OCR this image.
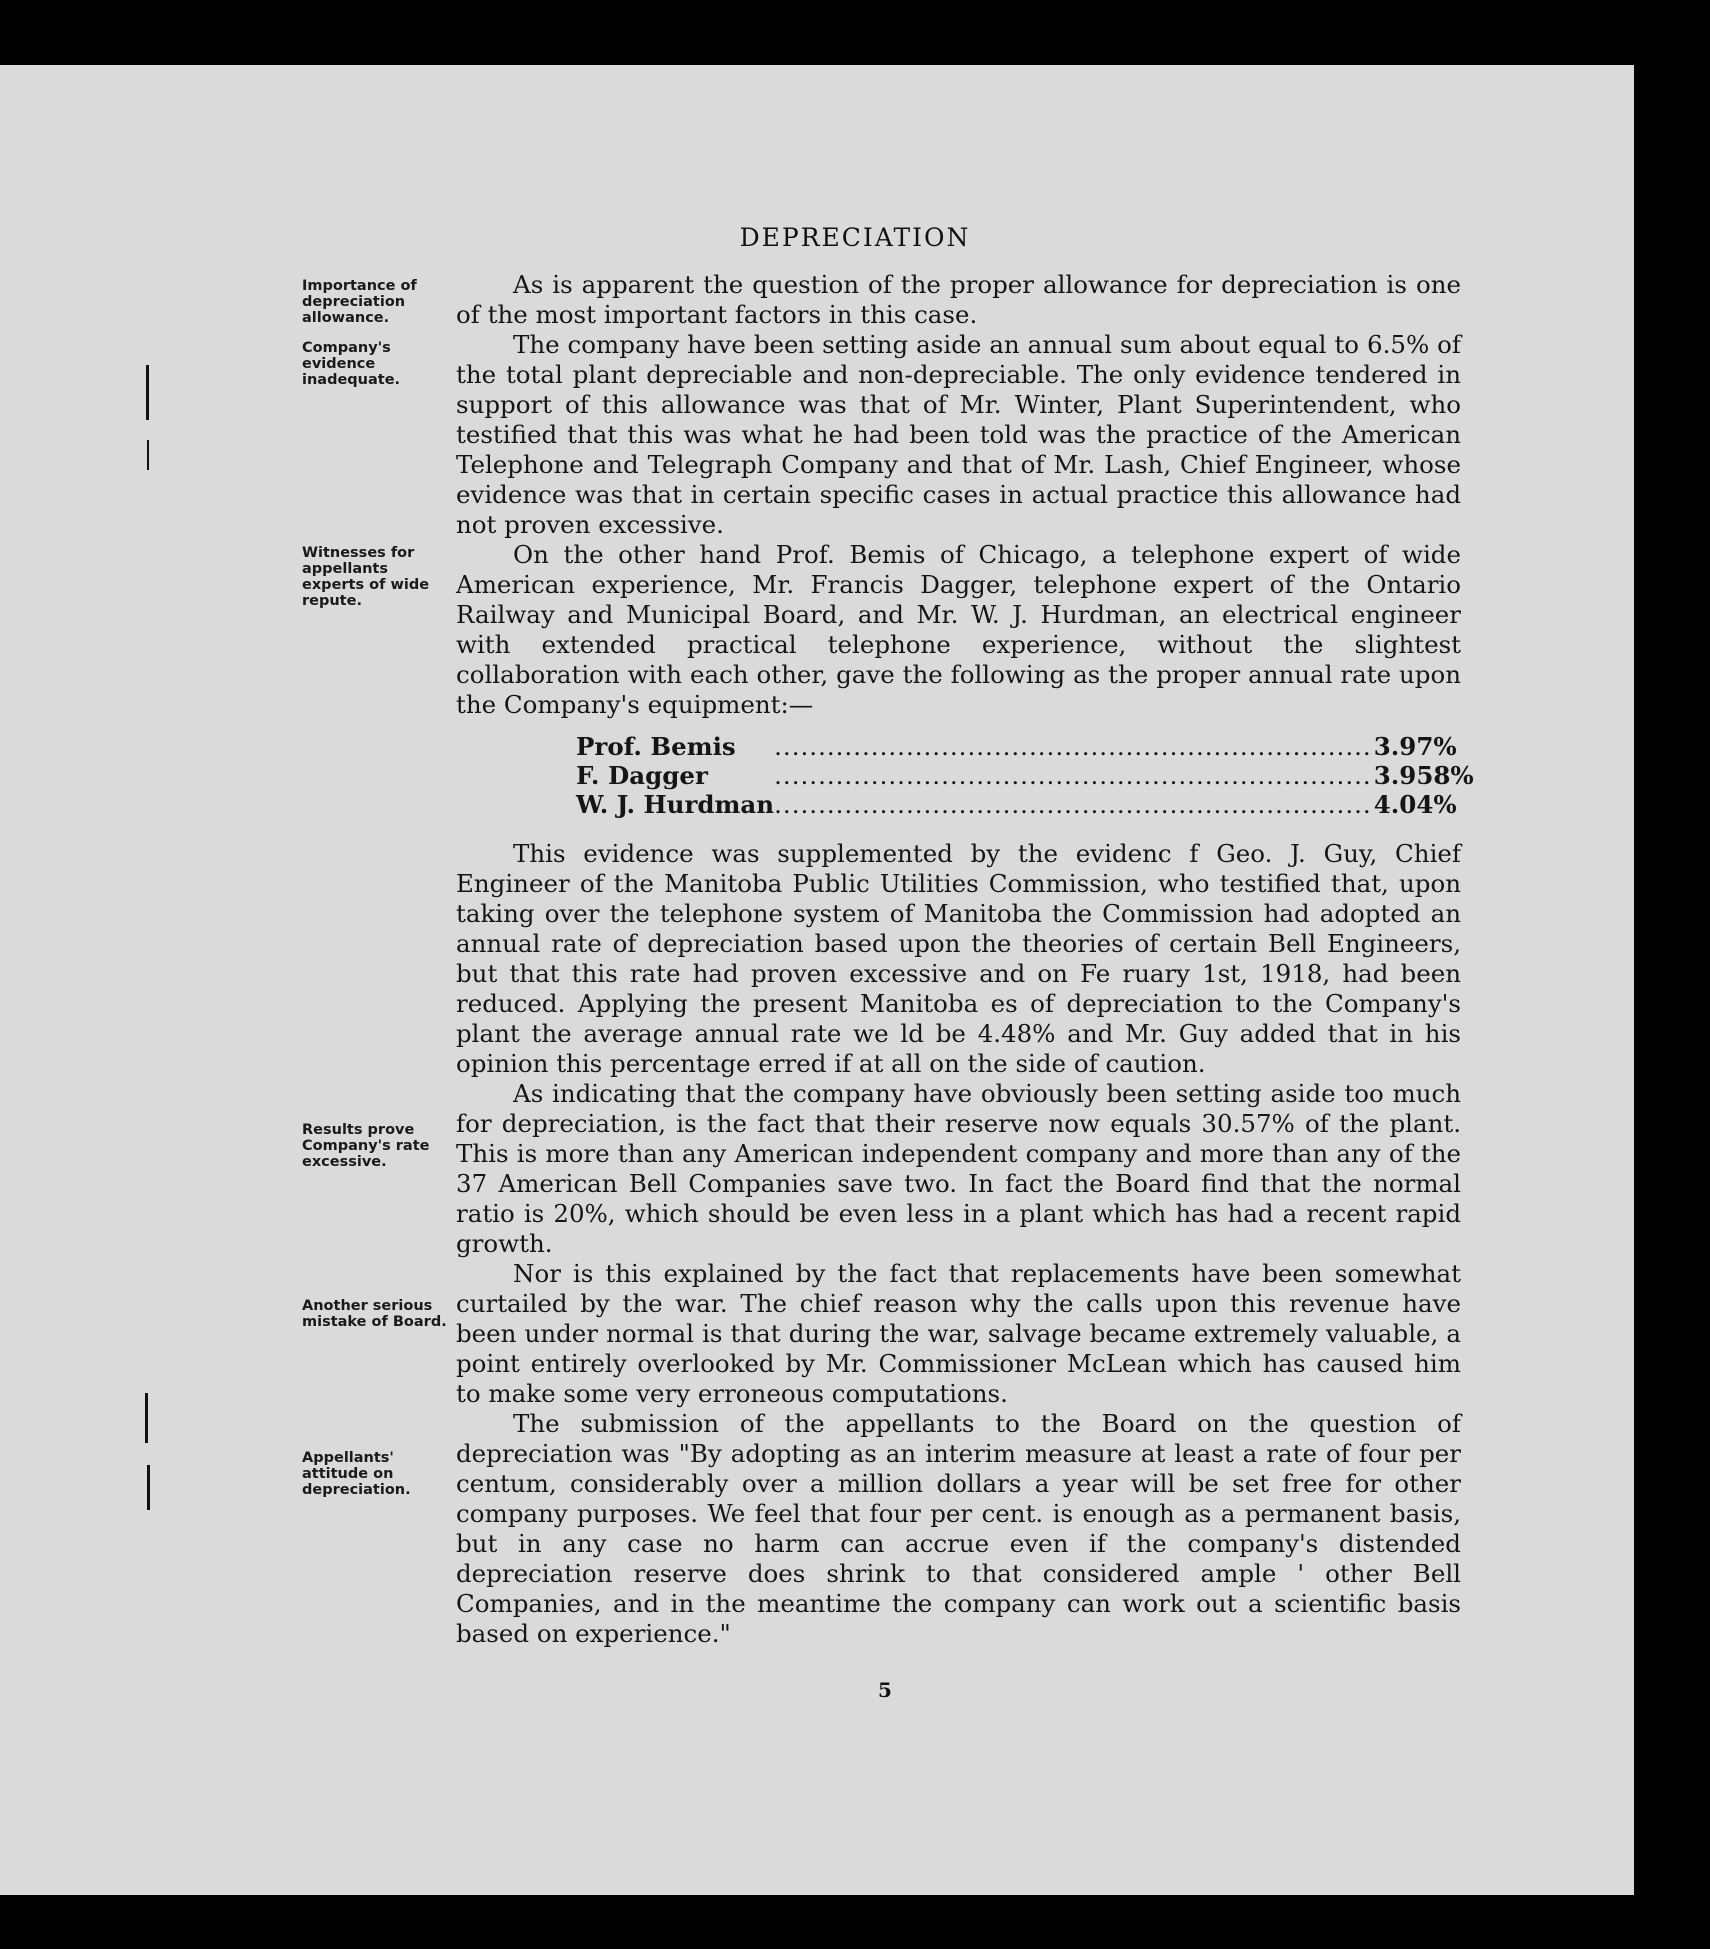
DEPRECIATION
Importance of depreciation allowance.
Company's evidence inadequate.
Witnesses for appellants experts of wide repute.
Results prove Company's rate excessive.
Another serious mistake of Board.
Appellants' attitude on depreciation.

As is apparent the question of the proper allowance for depreciation is one of the most important factors in this case.

The company have been setting aside an annual sum about equal to 6.5% of the total plant depreciable and non-depreciable. The only evidence tendered in support of this allowance was that of Mr. Winter, Plant Superintendent, who testified that this was what he had been told was the practice of the American Telephone and Telegraph Company and that of Mr. Lash, Chief Engineer, whose evidence was that in certain specific cases in actual practice this allowance had not proven excessive.

On the other hand Prof. Bemis of Chicago, a telephone expert of wide American experience, Mr. Francis Dagger, telephone expert of the Ontario Railway and Municipal Board, and Mr. W. J. Hurdman, an electrical engineer with extended practical telephone experience, without the slightest collaboration with each other, gave the following as the proper annual rate upon the Company's equipment:—

Prof. Bemis	....................................................................	3.97%
F. Dagger	....................................................................	3.958%
W. J. Hurdman	....................................................................	4.04%

This evidence was supplemented by the evidenc f Geo. J. Guy, Chief Engineer of the Manitoba Public Utilities Commission, who testified that, upon taking over the telephone system of Manitoba the Commission had adopted an annual rate of depreciation based upon the theories of certain Bell Engineers, but that this rate had proven excessive and on Fe ruary 1st, 1918, had been reduced. Applying the present Manitoba es of depreciation to the Company's plant the average annual rate we ld be 4.48% and Mr. Guy added that in his opinion this percentage erred if at all on the side of caution.

As indicating that the company have obviously been setting aside too much for depreciation, is the fact that their reserve now equals 30.57% of the plant. This is more than any American independent company and more than any of the 37 American Bell Companies save two. In fact the Board find that the normal ratio is 20%, which should be even less in a plant which has had a recent rapid growth.

Nor is this explained by the fact that replacements have been somewhat curtailed by the war. The chief reason why the calls upon this revenue have been under normal is that during the war, salvage became extremely valuable, a point entirely overlooked by Mr. Commissioner McLean which has caused him to make some very erroneous computations.

The submission of the appellants to the Board on the question of depreciation was "By adopting as an interim measure at least a rate of four per centum, considerably over a million dollars a year will be set free for other company purposes. We feel that four per cent. is enough as a permanent basis, but in any case no harm can accrue even if the company's distended depreciation reserve does shrink to that considered ample ' other Bell Companies, and in the meantime the company can work out a scientific basis based on experience."

5
